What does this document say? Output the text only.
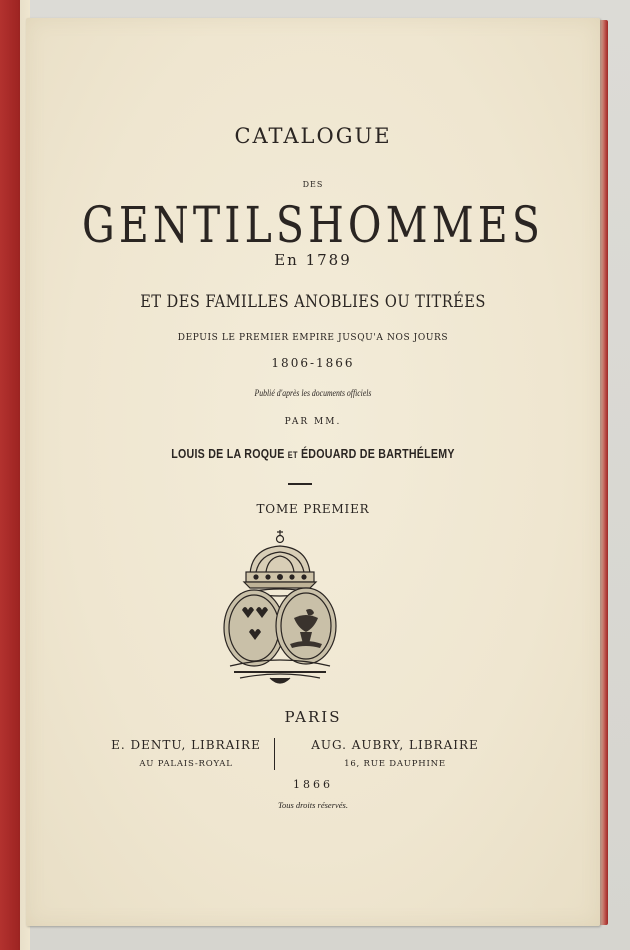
CATALOGUE

DES

GENTILSHOMMES

En 1789

ET DES FAMILLES ANOBLIES OU TITRÉES

DEPUIS LE PREMIER EMPIRE JUSQU'A NOS JOURS

1806-1866

Publié d'après les documents officiels

PAR MM.

LOUIS DE LA ROQUE ET ÉDOUARD DE BARTHÉLEMY

TOME PREMIER

PARIS

E. DENTU, LIBRAIRE	AUG. AUBRY, LIBRAIRE
AU PALAIS-ROYAL	16, RUE DAUPHINE

1866

Tous droits réservés.
